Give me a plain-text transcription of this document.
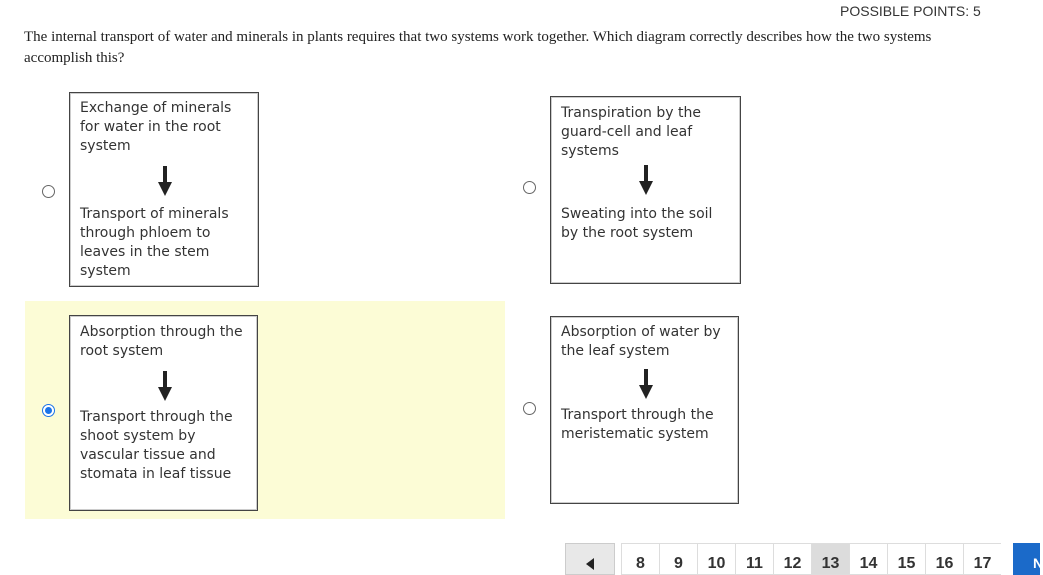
POSSIBLE POINTS: 5
The internal transport of water and minerals in plants requires that two systems work together. Which diagram correctly describes how the two systems accomplish this?
Exchange of minerals for water in the root system
Transport of minerals through phloem to leaves in the stem system
Transpiration by the guard-cell and leaf systems
Sweating into the soil by the root system
Absorption through the root system
Transport through the shoot system by vascular tissue and stomata in leaf tissue
Absorption of water by the leaf system
Transport through the meristematic system
8	9	10	11	12	13	14	15	16	17	N
